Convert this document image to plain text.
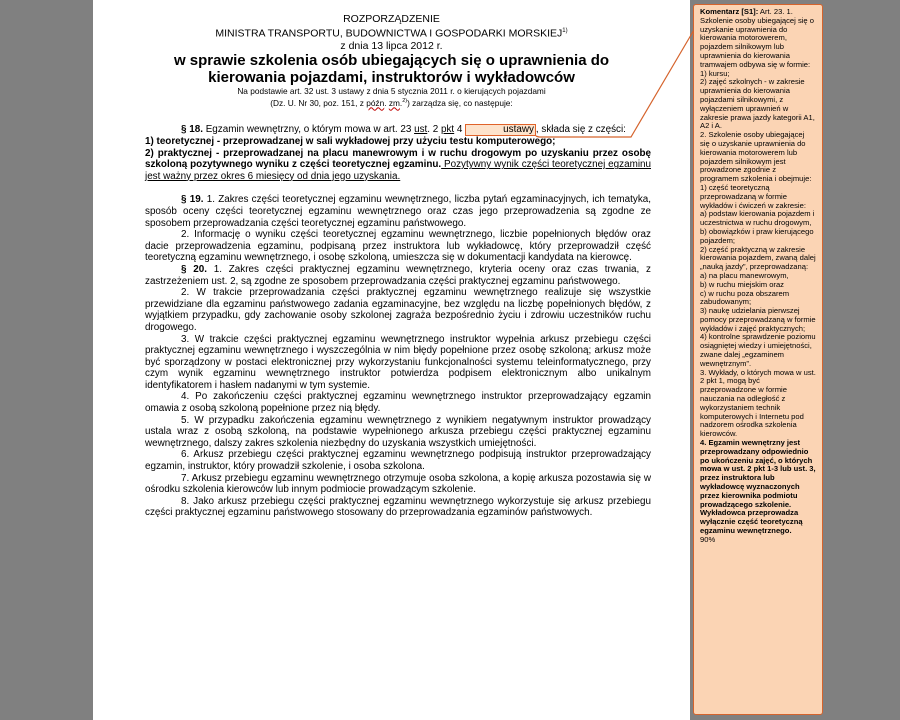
ROZPORZĄDZENIE
MINISTRA TRANSPORTU, BUDOWNICTWA I GOSPODARKI MORSKIEJ$^{1)}$
z dnia 13 lipca 2012 r.
w sprawie szkolenia osób ubiegających się o uprawnienia do
kierowania pojazdami, instruktorów i wykładowców
Na podstawie art. 32 ust. 3 ustawy z dnia 5 stycznia 2011 r. o kierujących pojazdami
(Dz. U. Nr 30, poz. 151, z późn. zm.$^{2)}$) zarządza się, co następuje:

§ 18. Egzamin wewnętrzny, o którym mowa w art. 23 ust. 2 pkt 4	ustawy , składa się z części:

1) teoretycznej - przeprowadzanej w sali wykładowej przy użyciu testu komputerowego;

2) praktycznej - przeprowadzanej na placu manewrowym i w ruchu drogowym po uzyskaniu przez osobę szkoloną pozytywnego wyniku z części teoretycznej egzaminu. Pozytywny wynik części teoretycznej egzaminu jest ważny przez okres 6 miesięcy od dnia jego uzyskania.

§ 19. 1. Zakres części teoretycznej egzaminu wewnętrznego, liczba pytań egzaminacyjnych, ich tematyka, sposób oceny części teoretycznej egzaminu wewnętrznego oraz czas jego przeprowadzenia są zgodne ze sposobem przeprowadzania części teoretycznej egzaminu państwowego.

2. Informację o wyniku części teoretycznej egzaminu wewnętrznego, liczbie popełnionych błędów oraz dacie przeprowadzenia egzaminu, podpisaną przez instruktora lub wykładowcę, który przeprowadził część teoretyczną egzaminu wewnętrznego, i osobę szkoloną, umieszcza się w dokumentacji kandydata na kierowcę.

§ 20. 1. Zakres części praktycznej egzaminu wewnętrznego, kryteria oceny oraz czas trwania, z zastrzeżeniem ust. 2, są zgodne ze sposobem przeprowadzania części praktycznej egzaminu państwowego.

2. W trakcie przeprowadzania części praktycznej egzaminu wewnętrznego realizuje się wszystkie przewidziane dla egzaminu państwowego zadania egzaminacyjne, bez względu na liczbę popełnionych błędów, z wyjątkiem przypadku, gdy zachowanie osoby szkolonej zagraża bezpośrednio życiu i zdrowiu uczestników ruchu drogowego.

3. W trakcie części praktycznej egzaminu wewnętrznego instruktor wypełnia arkusz przebiegu części praktycznej egzaminu wewnętrznego i wyszczególnia w nim błędy popełnione przez osobę szkoloną; arkusz może być sporządzony w postaci elektronicznej przy wykorzystaniu funkcjonalności systemu teleinformatycznego, przy czym wynik egzaminu wewnętrznego instruktor potwierdza podpisem elektronicznym albo unikalnym identyfikatorem i hasłem nadanymi w tym systemie.

4. Po zakończeniu części praktycznej egzaminu wewnętrznego instruktor przeprowadzający egzamin omawia z osobą szkoloną popełnione przez nią błędy.

5. W przypadku zakończenia egzaminu wewnętrznego z wynikiem negatywnym instruktor prowadzący ustala wraz z osobą szkoloną, na podstawie wypełnionego arkusza przebiegu części praktycznej egzaminu wewnętrznego, dalszy zakres szkolenia niezbędny do uzyskania wszystkich umiejętności.

6. Arkusz przebiegu części praktycznej egzaminu wewnętrznego podpisują instruktor przeprowadzający egzamin, instruktor, który prowadził szkolenie, i osoba szkolona.

7. Arkusz przebiegu egzaminu wewnętrznego otrzymuje osoba szkolona, a kopię arkusza pozostawia się w ośrodku szkolenia kierowców lub innym podmiocie prowadzącym szkolenie.

8. Jako arkusz przebiegu części praktycznej egzaminu wewnętrznego wykorzystuje się arkusz przebiegu części praktycznej egzaminu państwowego stosowany do przeprowadzania egzaminów państwowych.

Komentarz [S1]: Art. 23. 1. Szkolenie osoby ubiegającej się o uzyskanie uprawnienia do kierowania motorowerem, pojazdem silnikowym lub uprawnienia do kierowania tramwajem odbywa się w formie:

1) kursu;

2) zajęć szkolnych - w zakresie uprawnienia do kierowania pojazdami silnikowymi, z wyłączeniem uprawnień w zakresie prawa jazdy kategorii A1, A2 i A.

2. Szkolenie osoby ubiegającej się o uzyskanie uprawnienia do kierowania motorowerem lub pojazdem silnikowym jest prowadzone zgodnie z programem szkolenia i obejmuje:

1) część teoretyczną przeprowadzaną w formie wykładów i ćwiczeń w zakresie:

a) podstaw kierowania pojazdem i uczestnictwa w ruchu drogowym,

b) obowiązków i praw kierującego pojazdem;

2) część praktyczną w zakresie kierowania pojazdem, zwaną dalej „nauką jazdy”, przeprowadzaną:

a) na placu manewrowym,

b) w ruchu miejskim oraz

c) w ruchu poza obszarem zabudowanym;

3) naukę udzielania pierwszej pomocy przeprowadzaną w formie wykładów i zajęć praktycznych;

4) kontrolne sprawdzenie poziomu osiągniętej wiedzy i umiejętności, zwane dalej „egzaminem wewnętrznym”.

3. Wykłady, o których mowa w ust. 2 pkt 1, mogą być przeprowadzone w formie nauczania na odległość z wykorzystaniem technik komputerowych i Internetu pod nadzorem ośrodka szkolenia kierowców.

4. Egzamin wewnętrzny jest przeprowadzany odpowiednio po ukończeniu zajęć, o których mowa w ust. 2 pkt 1-3 lub ust. 3, przez instruktora lub wykładowcę wyznaczonych przez kierownika podmiotu prowadzącego szkolenie. Wykładowca przeprowadza wyłącznie część teoretyczną egzaminu wewnętrznego.

90%
